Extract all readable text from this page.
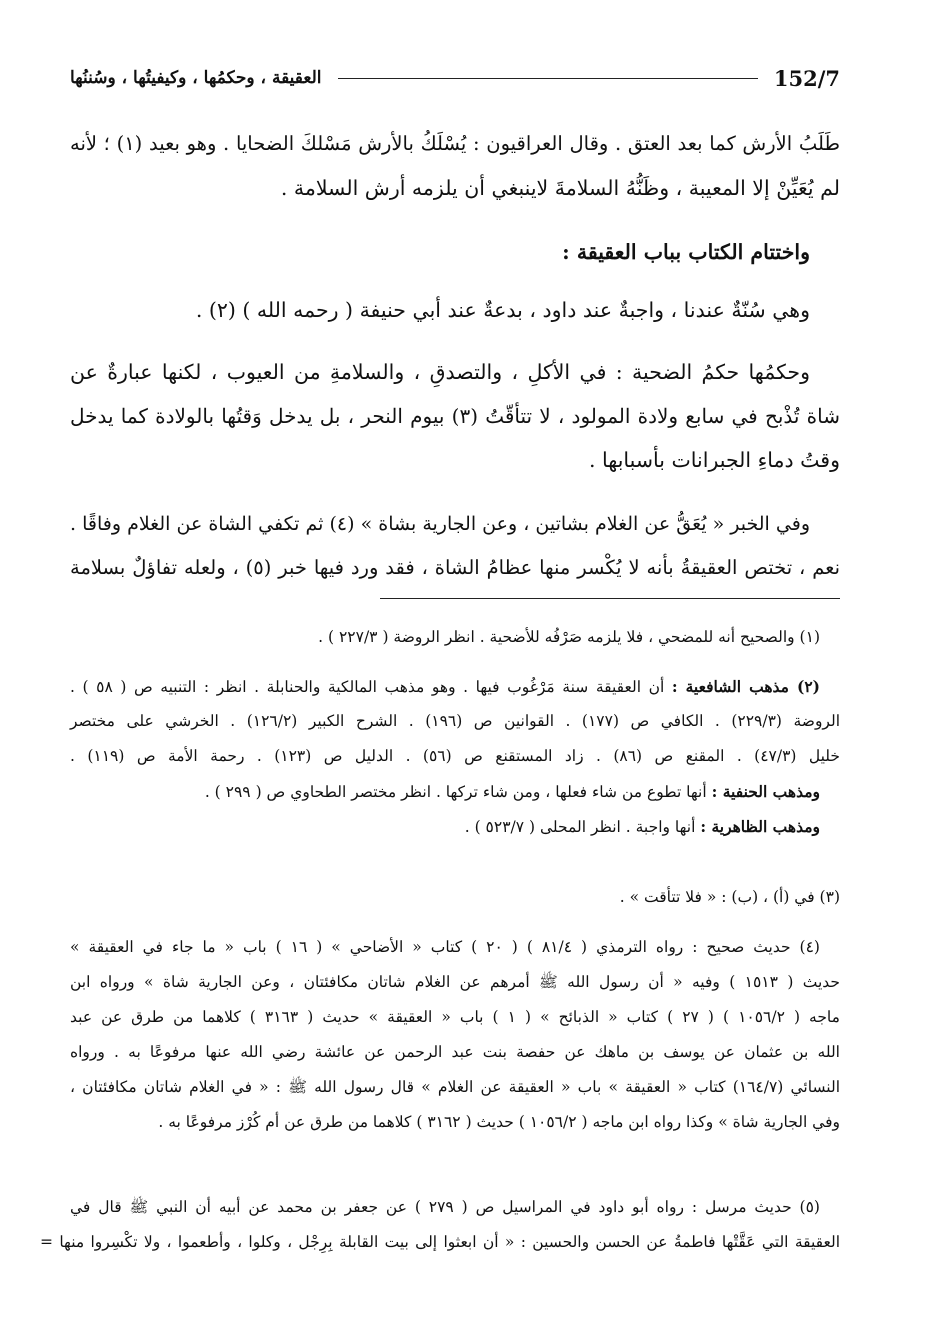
152/7
العقيقة ، وحكمُها ، وكيفيتُها ، وسُننُها
طَلَبُ الأرش كما بعد العتق . وقال العراقيون : يُسْلَكُ بالأرش مَسْلكَ الضحايا . وهو بعيد (١) ؛ لأنه
لم يُعَيِّنْ إلا المعيبة ، وظَنُّهُ السلامةَ لاينبغي أن يلزمه أرش السلامة .
واختتام الكتاب بباب العقيقة :
وهي سُنّةٌ عندنا ، واجبةٌ عند داود ، بدعةٌ عند أبي حنيفة ( رحمه الله ) (٢) .
وحكمُها حكمُ الضحية : في الأكلِ ، والتصدقِ ، والسلامةِ من العيوب ، لكنها عبارةٌ عن
شاة تُذْبح في سابع ولادة المولود ، لا تتأقّتُ (٣) بيوم النحر ، بل يدخل وَقتُها بالولادة كما يدخل
وقتُ دماءِ الجبرانات بأسبابها .
وفي الخبر « يُعَقُّ عن الغلام بشاتين ، وعن الجارية بشاة » (٤) ثم تكفي الشاة عن الغلام وفاقًا .
نعم ، تختص العقيقةُ بأنه لا يُكْسر منها عظامُ الشاة ، فقد ورد فيها خبر (٥) ، ولعله تفاؤلٌ بسلامة
(١) والصحيح أنه للمضحي ، فلا يلزمه صَرْفُه للأضحية . انظر الروضة ( ٢٢٧/٣ ) .
(٢) مذهب الشافعية : أن العقيقة سنة مَرْغُوب فيها . وهو مذهب المالكية والحنابلة . انظر : التنبيه ص ( ٥٨ ) .
الروضة (٢٢٩/٣) . الكافي ص (١٧٧) . القوانين ص (١٩٦) . الشرح الكبير (١٢٦/٢) . الخرشي على مختصر
خليل (٤٧/٣) . المقنع ص (٨٦) . زاد المستقنع ص (٥٦) . الدليل ص (١٢٣) . رحمة الأمة ص (١١٩) .
ومذهب الحنفية : أنها تطوع من شاء فعلها ، ومن شاء تركها . انظر مختصر الطحاوي ص ( ٢٩٩ ) .
ومذهب الظاهرية : أنها واجبة . انظر المحلى ( ٥٢٣/٧ ) .
(٣) في (أ) ، (ب) : « فلا تتأقت » .
(٤) حديث صحيح : رواه الترمذي ( ٨١/٤ ) ( ٢٠ ) كتاب « الأضاحي » ( ١٦ ) باب « ما جاء في العقيقة »
حديث ( ١٥١٣ ) وفيه « أن رسول الله ﷺ أمرهم عن الغلام شاتان مكافئتان ، وعن الجارية شاة » ورواه ابن
ماجه ( ١٠٥٦/٢ ) ( ٢٧ ) كتاب « الذبائح » ( ١ ) باب « العقيقة » حديث ( ٣١٦٣ ) كلاهما من طرق عن عبد
الله بن عثمان عن يوسف بن ماهك عن حفصة بنت عبد الرحمن عن عائشة رضي الله عنها مرفوعًا به . ورواه
النسائي (١٦٤/٧) كتاب « العقيقة » باب « العقيقة عن الغلام » قال رسول الله ﷺ : « في الغلام شاتان مكافئتان ،
وفي الجارية شاة » وكذا رواه ابن ماجه ( ١٠٥٦/٢ ) حديث ( ٣١٦٢ ) كلاهما من طرق عن أم كُرْز مرفوعًا به .
(٥) حديث مرسل : رواه أبو داود في المراسيل ص ( ٢٧٩ ) عن جعفر بن محمد عن أبيه أن النبي ﷺ قال في
العقيقة التي عَقَّتْها فاطمةُ عن الحسن والحسين : « أن ابعثوا إلى بيت القابلة بِرِجْل ، وكلوا ، وأطعموا ، ولا تكْسِروا منها =
